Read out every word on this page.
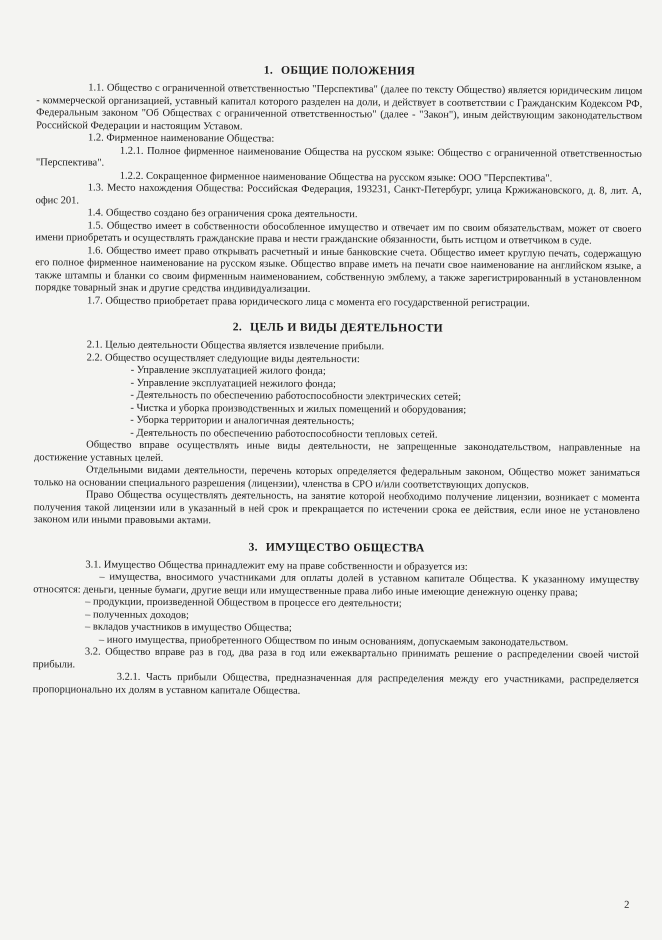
1. ОБЩИЕ ПОЛОЖЕНИЯ

1.1. Общество с ограниченной ответственностью "Перспектива" (далее по тексту Общество) является юридическим лицом - коммерческой организацией, уставный капитал которого разделен на доли, и действует в соответствии с Гражданским Кодексом РФ, Федеральным законом "Об Обществах с ограниченной ответственностью" (далее - "Закон"), иным действующим законодательством Российской Федерации и настоящим Уставом.

1.2. Фирменное наименование Общества:

1.2.1. Полное фирменное наименование Общества на русском языке: Общество с ограниченной ответственностью "Перспектива".

1.2.2. Сокращенное фирменное наименование Общества на русском языке: ООО "Перспектива".

1.3. Место нахождения Общества: Российская Федерация, 193231, Санкт-Петербург, улица Кржижановского, д. 8, лит. А, офис 201.

1.4. Общество создано без ограничения срока деятельности.

1.5. Общество имеет в собственности обособленное имущество и отвечает им по своим обязательствам, может от своего имени приобретать и осуществлять гражданские права и нести гражданские обязанности, быть истцом и ответчиком в суде.

1.6. Общество имеет право открывать расчетный и иные банковские счета. Общество имеет круглую печать, содержащую его полное фирменное наименование на русском языке. Общество вправе иметь на печати свое наименование на английском языке, а также штампы и бланки со своим фирменным наименованием, собственную эмблему, а также зарегистрированный в установленном порядке товарный знак и другие средства индивидуализации.

1.7. Общество приобретает права юридического лица с момента его государственной регистрации.

2. ЦЕЛЬ И ВИДЫ ДЕЯТЕЛЬНОСТИ

2.1. Целью деятельности Общества является извлечение прибыли.

2.2. Общество осуществляет следующие виды деятельности:

- Управление эксплуатацией жилого фонда;

- Управление эксплуатацией нежилого фонда;

- Деятельность по обеспечению работоспособности электрических сетей;

- Чистка и уборка производственных и жилых помещений и оборудования;

- Уборка территории и аналогичная деятельность;

- Деятельность по обеспечению работоспособности тепловых сетей.

Общество вправе осуществлять иные виды деятельности, не запрещенные законодательством, направленные на достижение уставных целей.

Отдельными видами деятельности, перечень которых определяется федеральным законом, Общество может заниматься только на основании специального разрешения (лицензии), членства в СРО и/или соответствующих допусков.

Право Общества осуществлять деятельность, на занятие которой необходимо получение лицензии, возникает с момента получения такой лицензии или в указанный в ней срок и прекращается по истечении срока ее действия, если иное не установлено законом или иными правовыми актами.

3. ИМУЩЕСТВО ОБЩЕСТВА

3.1. Имущество Общества принадлежит ему на праве собственности и образуется из:

– имущества, вносимого участниками для оплаты долей в уставном капитале Общества. К указанному имуществу относятся: деньги, ценные бумаги, другие вещи или имущественные права либо иные имеющие денежную оценку права;

– продукции, произведенной Обществом в процессе его деятельности;

– полученных доходов;

– вкладов участников в имущество Общества;

– иного имущества, приобретенного Обществом по иным основаниям, допускаемым законодательством.

3.2. Общество вправе раз в год, два раза в год или ежеквартально принимать решение о распределении своей чистой прибыли.

3.2.1. Часть прибыли Общества, предназначенная для распределения между его участниками, распределяется пропорционально их долям в уставном капитале Общества.

2
